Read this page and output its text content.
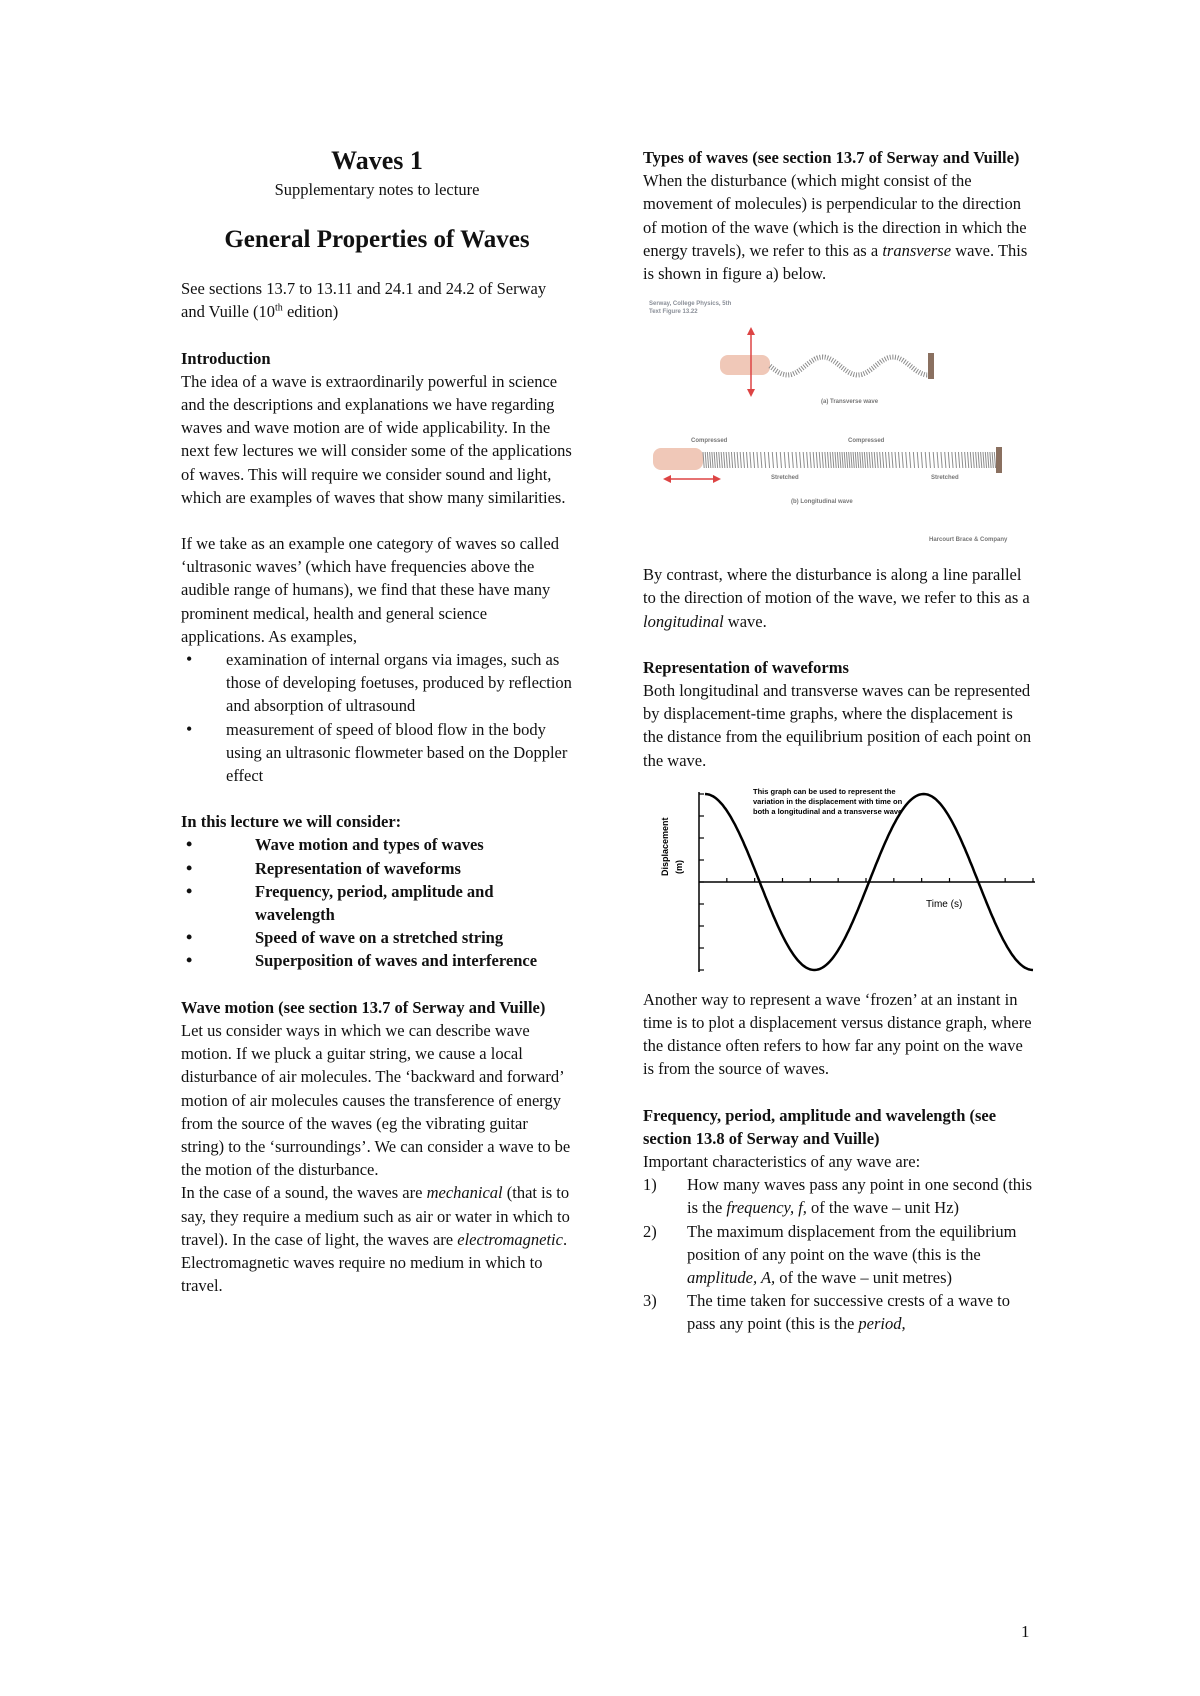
Waves 1

Supplementary notes to lecture

General Properties of Waves

See sections 13.7 to 13.11 and 24.1 and 24.2 of Serway and Vuille (10th edition)

Introduction

The idea of a wave is extraordinarily powerful in science and the descriptions and explanations we have regarding waves and wave motion are of wide applicability. In the next few lectures we will consider some of the applications of waves. This will require we consider sound and light, which are examples of waves that show many similarities.

If we take as an example one category of waves so called ‘ultrasonic waves’ (which have frequencies above the audible range of humans), we find that these have many prominent medical, health and general science applications. As examples,

• examination of internal organs via images, such as those of developing foetuses, produced by reflection and absorption of ultrasound
• measurement of speed of blood flow in the body using an ultrasonic flowmeter based on the Doppler effect

In this lecture we will consider:

• Wave motion and types of waves
• Representation of waveforms
• Frequency, period, amplitude and wavelength
• Speed of wave on a stretched string
• Superposition of waves and interference

Wave motion (see section 13.7 of Serway and Vuille)

Let us consider ways in which we can describe wave motion. If we pluck a guitar string, we cause a local disturbance of air molecules. The ‘backward and forward’ motion of air molecules causes the transference of energy from the source of the waves (eg the vibrating guitar string) to the ‘surroundings’. We can consider a wave to be the motion of the disturbance.

In the case of a sound, the waves are mechanical (that is to say, they require a medium such as air or water in which to travel). In the case of light, the waves are electromagnetic. Electromagnetic waves require no medium in which to travel.

Types of waves (see section 13.7 of Serway and Vuille)

When the disturbance (which might consist of the movement of molecules) is perpendicular to the direction of motion of the wave (which is the direction in which the energy travels), we refer to this as a transverse wave. This is shown in figure a) below.

Serway, College Physics, 5th
Text Figure 13.22
(a) Transverse wave
Compressed	Compressed
Stretched	Stretched
(b) Longitudinal wave
Harcourt Brace & Company

By contrast, where the disturbance is along a line parallel to the direction of motion of the wave, we refer to this as a longitudinal wave.

Representation of waveforms

Both longitudinal and transverse waves can be represented by displacement-time graphs, where the displacement is the distance from the equilibrium position of each point on the wave.

This graph can be used to represent the
variation in the displacement with time on
both a longitudinal and a transverse wave
Displacement (m)
Time (s)

Another way to represent a wave ‘frozen’ at an instant in time is to plot a displacement versus distance graph, where the distance often refers to how far any point on the wave is from the source of waves.

Frequency, period, amplitude and wavelength (see section 13.8 of Serway and Vuille)

Important characteristics of any wave are:

1) How many waves pass any point in one second (this is the frequency, f, of the wave – unit Hz)
2) The maximum displacement from the equilibrium position of any point on the wave (this is the amplitude, A, of the wave – unit metres)
3) The time taken for successive crests of a wave to pass any point (this is the period,
1
